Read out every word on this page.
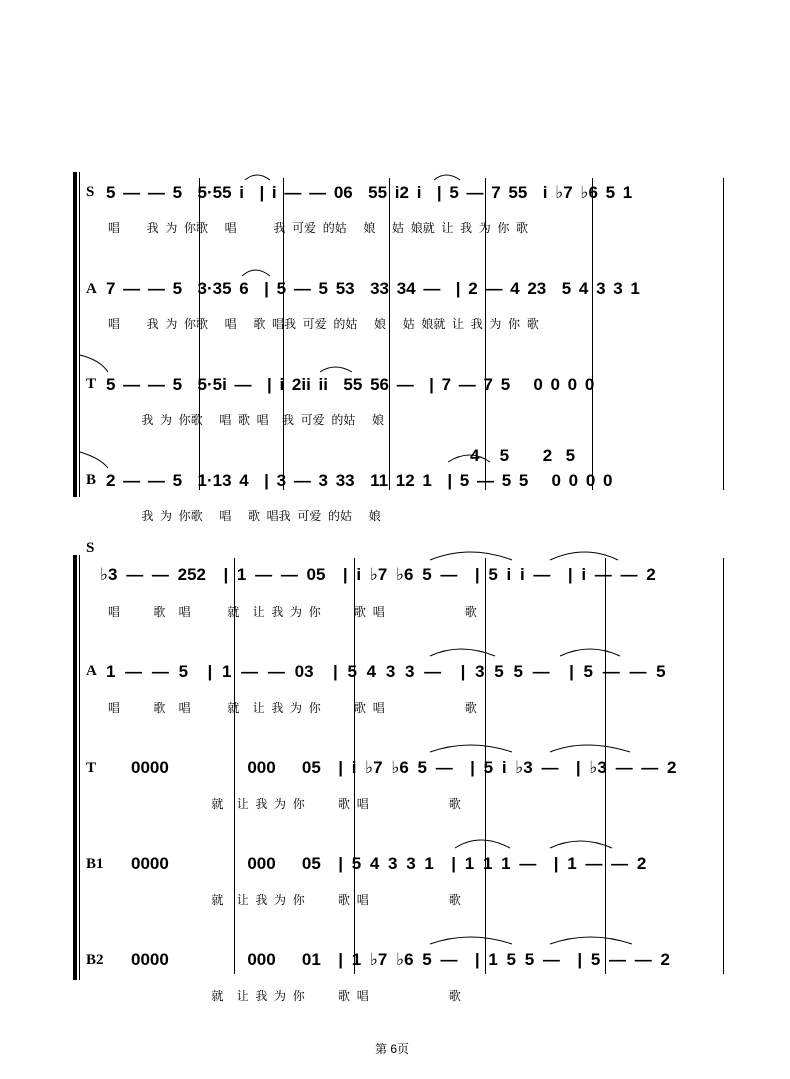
S 5 — — 5  5·55 i  | i — — 06  55 i2 i  | 5 — 7 55  i ♭7 ♭6 5 1
唱        我  为  你歌     唱           我  可爱  的姑     娘     姑  娘就  让  我  为  你  歌
A 7 — — 5  3·35 6  | 5 — 5 53  33 34 —  | 2 — 4 23  5 4 3 3 1
唱        我  为  你歌     唱     歌  唱我  可爱  的姑     娘     姑  娘就  让  我  为  你  歌
T 5 — — 5  5·5i —  | i 2ii ii  55 56 —  | 7 — 7 5   0 0 0 0
我  为  你歌     唱  歌  唱    我  可爱  的姑     娘
4   5     2  5
B 2 — — 5  1·13 4  | 3 — 3 33  11 12 1  | 5 — 5 5   0 0 0 0
我  为  你歌     唱     歌  唱我  可爱  的姑     娘
S
♭3 — — 252  | 1 — — 05  | i ♭7 ♭6 5 —  | 5 i i —  | i — — 2
唱          歌    唱           就    让  我  为  你          歌  唱                        歌
A 1 — — 5  | 1 — — 03  | 5 4 3 3 —  | 3 5 5 —  | 5 — — 5
唱          歌    唱           就    让  我  为  你          歌  唱                        歌
T 0000         000   05  | i ♭7 ♭6 5 —  | 5 i ♭3 —  | ♭3 — — 2
就    让  我  为  你          歌  唱                        歌
B1 0000         000   05  | 5 4 3 3 1  | 1 1 1 —  | 1 — — 2
就    让  我  为  你          歌  唱                        歌
B2 0000         000   01  | 1 ♭7 ♭6 5 —  | 1 5 5 —  | 5 — — 2
就    让  我  为  你          歌  唱                        歌
第 6页
